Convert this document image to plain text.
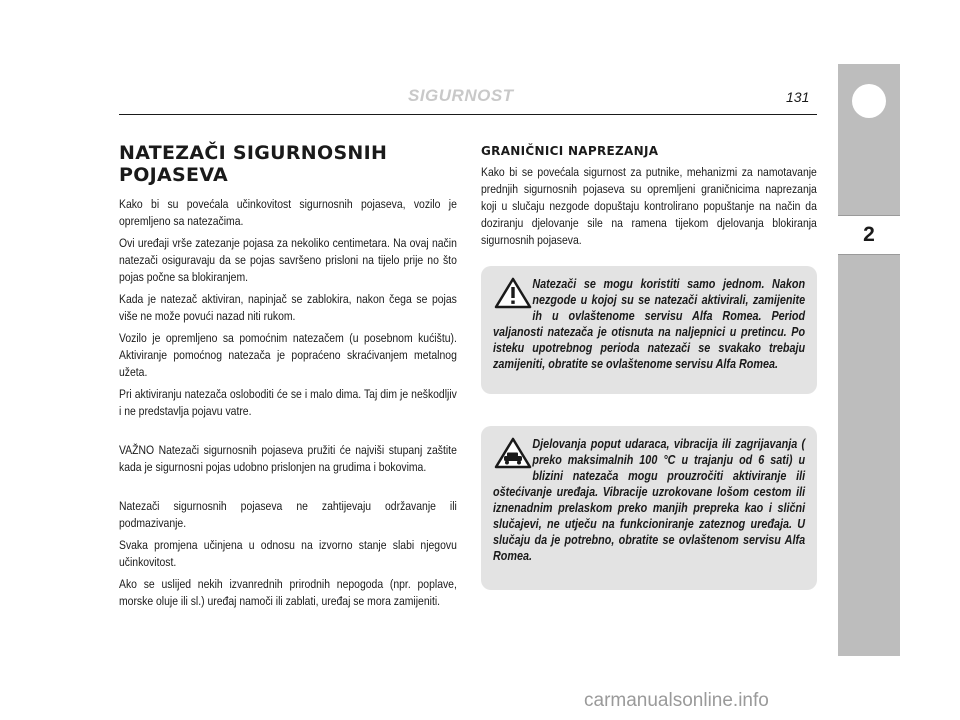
SIGURNOST	131
2
NATEZAČI SIGURNOSNIH
POJASEVA

Kako bi su povećala učinkovitost sigurnosnih pojaseva, vozilo je opremljeno sa natezačima.

Ovi uređaji vrše zatezanje pojasa za nekoliko centimetara. Na ovaj način natezači osiguravaju da se pojas savršeno prisloni na tijelo prije no što pojas počne sa blokiranjem.

Kada je natezač aktiviran, napinjač se zablokira, nakon čega se pojas više ne može povući nazad niti rukom.

Vozilo je opremljeno sa pomoćnim natezačem (u posebnom kućištu). Aktiviranje pomoćnog natezača je popraćeno skraćivanjem metalnog užeta.

Pri aktiviranju natezača osloboditi će se i malo dima. Taj dim je neškodljiv i ne predstavlja pojavu vatre.

VAŽNO Natezači sigurnosnih pojaseva pružiti će najviši stupanj zaštite kada je sigurnosni pojas udobno prislonjen na grudima i bokovima.

Natezači sigurnosnih pojaseva ne zahtijevaju održavanje ili podmazivanje.

Svaka promjena učinjena u odnosu na izvorno stanje slabi njegovu učinkovitost.

Ako se uslijed nekih izvanrednih prirodnih nepogoda (npr. poplave, morske oluje ili sl.) uređaj namoči ili zablati, uređaj se mora zamijeniti.

GRANIČNICI NAPREZANJA

Kako bi se povećala sigurnost za putnike, mehanizmi za namotavanje prednjih sigurnosnih pojaseva su opremljeni graničnicima naprezanja koji u slučaju nezgode dopuštaju kontrolirano popuštanje na način da doziranju djelovanje sile na ramena tijekom djelovanja blokiranja sigurnosnih pojaseva.

Natezači se mogu koristiti samo jednom. Nakon nezgode u kojoj su se natezači aktivirali, zamijenite ih u ovlaštenome servisu Alfa Romea. Period valjanosti natezača je otisnuta na naljepnici u pretincu. Po isteku upotrebnog perioda natezači se svakako trebaju zamijeniti, obratite se ovlaštenome servisu Alfa Romea.

Djelovanja poput udaraca, vibracija ili zagrijavanja ( preko maksimalnih 100 °C u trajanju od 6 sati) u blizini natezača mogu prouzročiti aktiviranje ili oštećivanje uređaja. Vibracije uzrokovane lošom cestom ili iznenadnim prelaskom preko manjih prepreka kao i slični slučajevi, ne utječu na funkcioniranje zateznog uređaja. U slučaju da je potrebno, obratite se ovlaštenom servisu Alfa Romea.

carmanualsonline.info
